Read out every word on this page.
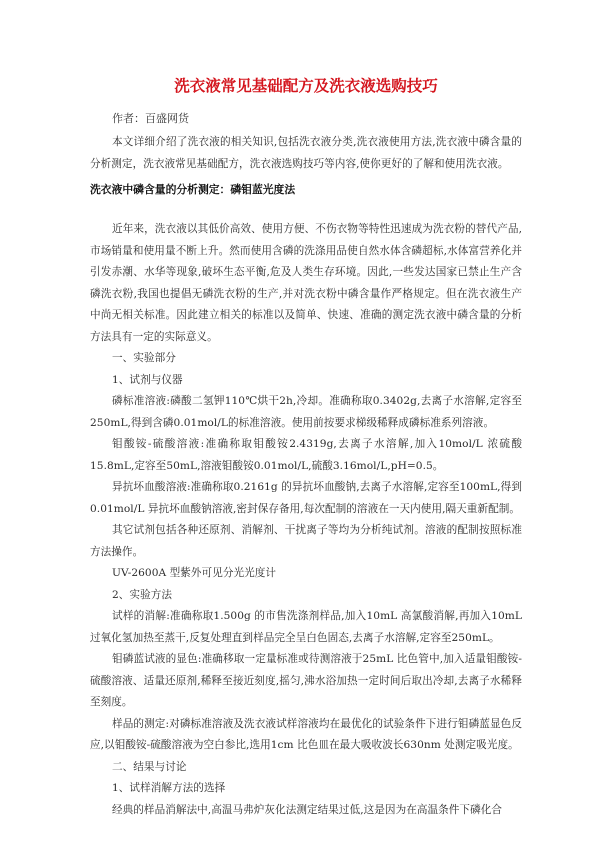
洗衣液常见基础配方及洗衣液选购技巧
作者：百盛网货

本文详细介绍了洗衣液的相关知识,包括洗衣液分类,洗衣液使用方法,洗衣液中磷含量的分析测定，洗衣液常见基础配方，洗衣液选购技巧等内容,使你更好的了解和使用洗衣液。

洗衣液中磷含量的分析测定：磷钼蓝光度法

近年来，洗衣液以其低价高效、使用方便、不伤衣物等特性迅速成为洗衣粉的替代产品,市场销量和使用量不断上升。然而使用含磷的洗涤用品使自然水体含磷超标,水体富营养化并引发赤潮、水华等现象,破坏生态平衡,危及人类生存环境。因此,一些发达国家已禁止生产含磷洗衣粉,我国也提倡无磷洗衣粉的生产,并对洗衣粉中磷含量作严格规定。但在洗衣液生产中尚无相关标准。因此建立相关的标准以及简单、快速、准确的测定洗衣液中磷含量的分析方法具有一定的实际意义。

一、实验部分

1、试剂与仪器

磷标准溶液:磷酸二氢钾110℃烘干2h,冷却。准确称取0.3402g,去离子水溶解,定容至250mL,得到含磷0.01mol/L的标准溶液。使用前按要求梯级稀释成磷标准系列溶液。

钼酸铵-硫酸溶液:准确称取钼酸铵2.4319g,去离子水溶解,加入10mol/L 浓硫酸15.8mL,定容至50mL,溶液钼酸铵0.01mol/L,硫酸3.16mol/L,pH=0.5。

异抗坏血酸溶液:准确称取0.2161g 的异抗坏血酸钠,去离子水溶解,定容至100mL,得到0.01mol/L 异抗坏血酸钠溶液,密封保存备用,每次配制的溶液在一天内使用,隔天重新配制。

其它试剂包括各种还原剂、消解剂、干扰离子等均为分析纯试剂。溶液的配制按照标准方法操作。

UV-2600A 型紫外可见分光光度计

2、实验方法

试样的消解:准确称取1.500g 的市售洗涤剂样品,加入10mL 高氯酸消解,再加入10mL过氧化氢加热至蒸干,反复处理直到样品完全呈白色固态,去离子水溶解,定容至250mL。

钼磷蓝试液的显色:准确移取一定量标准或待测溶液于25mL 比色管中,加入适量钼酸铵-硫酸溶液、适量还原剂,稀释至接近刻度,摇匀,沸水浴加热一定时间后取出冷却,去离子水稀释至刻度。

样品的测定:对磷标准溶液及洗衣液试样溶液均在最优化的试验条件下进行钼磷蓝显色反应,以钼酸铵-硫酸溶液为空白参比,选用1cm 比色皿在最大吸收波长630nm 处测定吸光度。

二、结果与讨论

1、试样消解方法的选择

经典的样品消解法中,高温马弗炉灰化法测定结果过低,这是因为在高温条件下磷化合
